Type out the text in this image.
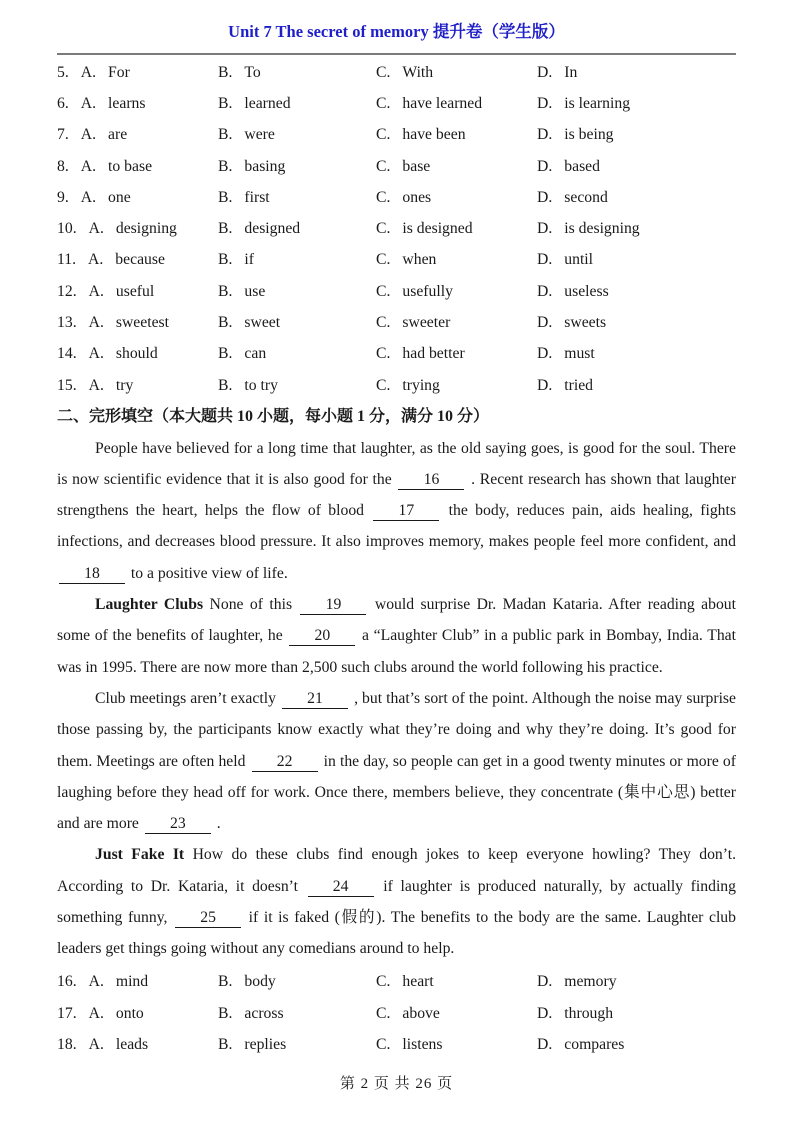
Unit 7 The secret of memory 提升卷（学生版）
5. A. For	B. To	C. With	D. In
6. A. learns	B. learned	C. have learned	D. is learning
7. A. are	B. were	C. have been	D. is being
8. A. to base	B. basing	C. base	D. based
9. A. one	B. first	C. ones	D. second
10. A. designing	B. designed	C. is designed	D. is designing
11. A. because	B. if	C. when	D. until
12. A. useful	B. use	C. usefully	D. useless
13. A. sweetest	B. sweet	C. sweeter	D. sweets
14. A. should	B. can	C. had better	D. must
15. A. try	B. to try	C. trying	D. tried
二、完形填空（本大题共 10 小题，每小题 1 分，满分 10 分）

People have believed for a long time that laughter, as the old saying goes, is good for the soul. There is now scientific evidence that it is also good for the 16 . Recent research has shown that laughter strengthens the heart, helps the flow of blood 17 the body, reduces pain, aids healing, fights infections, and decreases blood pressure. It also improves memory, makes people feel more confident, and 18 to a positive view of life.

Laughter Clubs None of this 19 would surprise Dr. Madan Kataria. After reading about some of the benefits of laughter, he 20 a “Laughter Club” in a public park in Bombay, India. That was in 1995. There are now more than 2,500 such clubs around the world following his practice.

Club meetings aren’t exactly 21 , but that’s sort of the point. Although the noise may surprise those passing by, the participants know exactly what they’re doing and why they’re doing. It’s good for them. Meetings are often held 22 in the day, so people can get in a good twenty minutes or more of laughing before they head off for work. Once there, members believe, they concentrate (集中心思) better and are more 23 .

Just Fake It How do these clubs find enough jokes to keep everyone howling? They don’t. According to Dr. Kataria, it doesn’t 24 if laughter is produced naturally, by actually finding something funny, 25 if it is faked (假的). The benefits to the body are the same. Laughter club leaders get things going without any comedians around to help.

16. A. mind	B. body	C. heart	D. memory
17. A. onto	B. across	C. above	D. through
18. A. leads	B. replies	C. listens	D. compares
第 2 页 共 26 页
